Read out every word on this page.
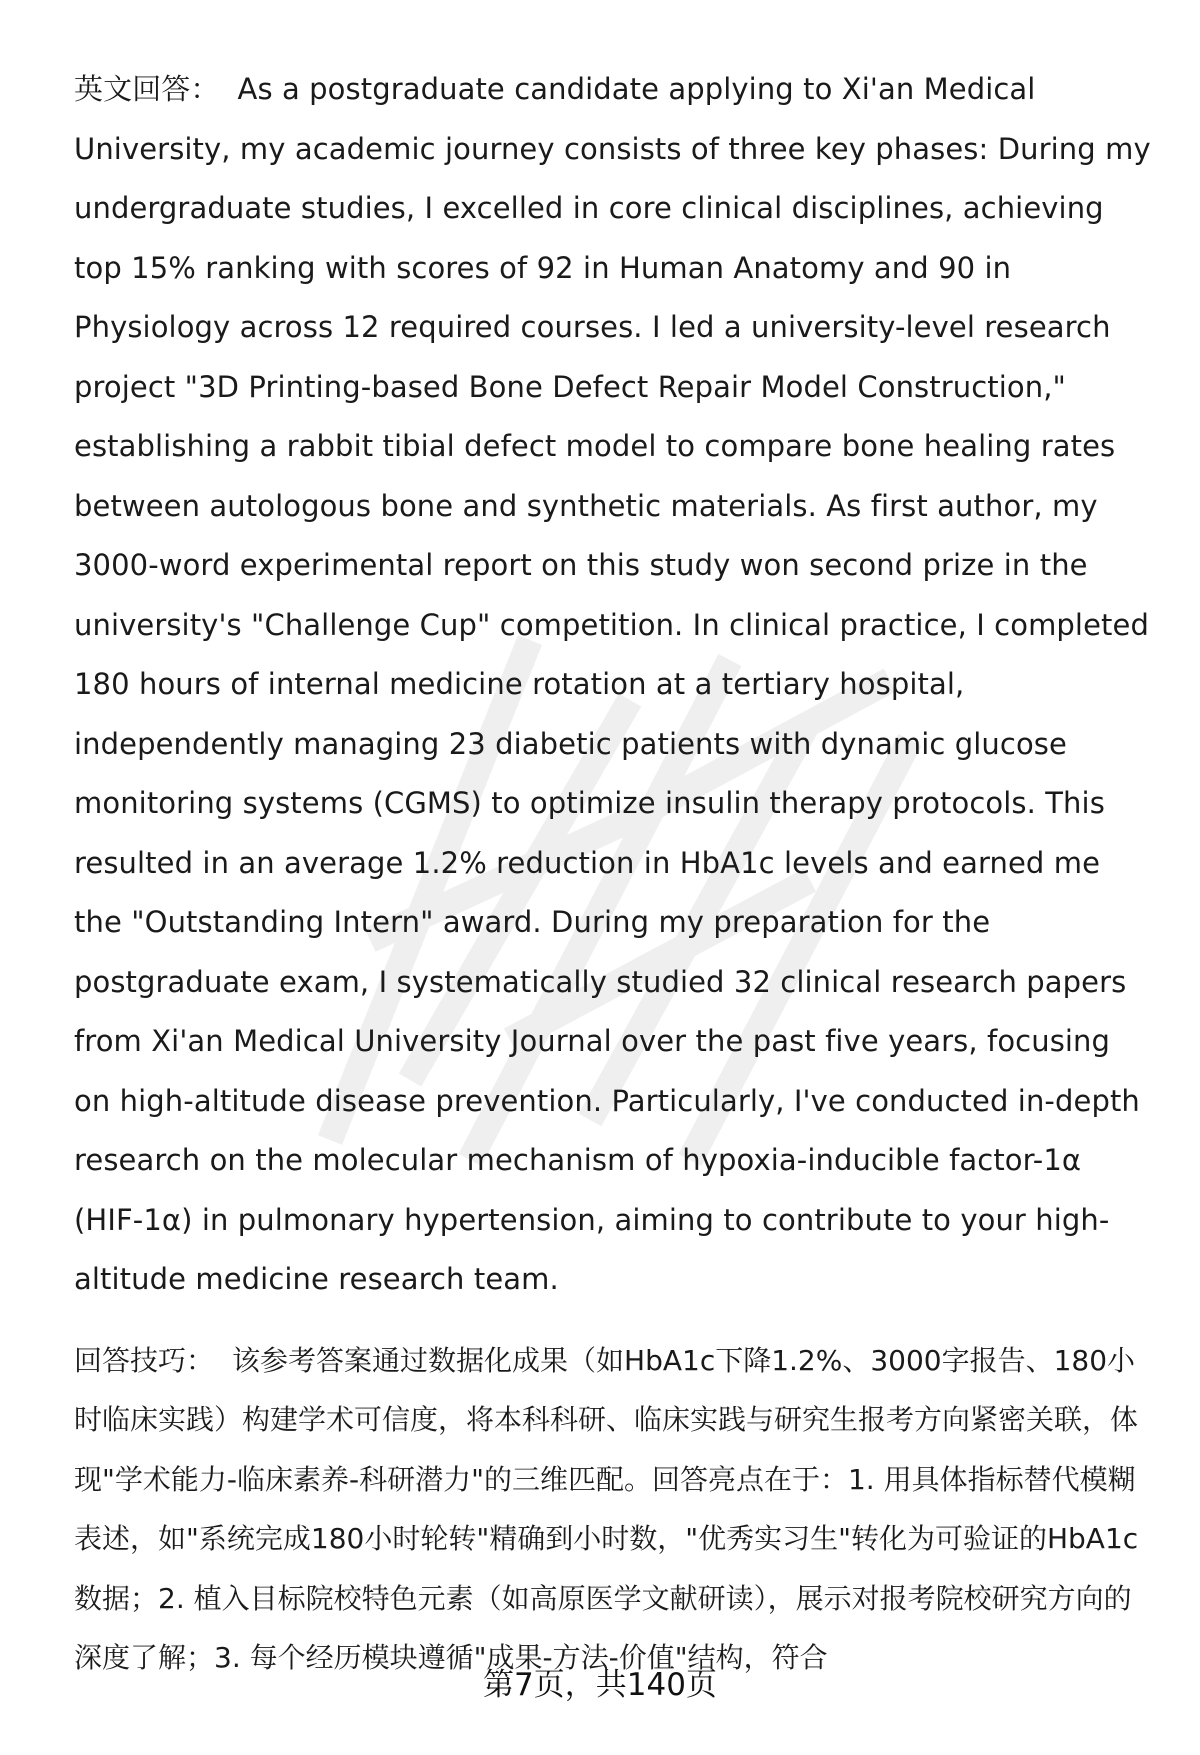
英文回答： As a postgraduate candidate applying to Xi'an Medical University, my academic journey consists of three key phases: During my undergraduate studies, I excelled in core clinical disciplines, achieving top 15% ranking with scores of 92 in Human Anatomy and 90 in Physiology across 12 required courses. I led a university-level research project "3D Printing-based Bone Defect Repair Model Construction," establishing a rabbit tibial defect model to compare bone healing rates between autologous bone and synthetic materials. As first author, my 3000-word experimental report on this study won second prize in the university's "Challenge Cup" competition. In clinical practice, I completed 180 hours of internal medicine rotation at a tertiary hospital, independently managing 23 diabetic patients with dynamic glucose monitoring systems (CGMS) to optimize insulin therapy protocols. This resulted in an average 1.2% reduction in HbA1c levels and earned me the "Outstanding Intern" award. During my preparation for the postgraduate exam, I systematically studied 32 clinical research papers from Xi'an Medical University Journal over the past five years, focusing on high-altitude disease prevention. Particularly, I've conducted in-depth research on the molecular mechanism of hypoxia-inducible factor-1α (HIF-1α) in pulmonary hypertension, aiming to contribute to your high-altitude medicine research team.

回答技巧： 该参考答案通过数据化成果（如HbA1c下降1.2%、3000字报告、180小时临床实践）构建学术可信度，将本科科研、临床实践与研究生报考方向紧密关联，体现"学术能力-临床素养-科研潜力"的三维匹配。回答亮点在于：1. 用具体指标替代模糊表述，如"系统完成180小时轮转"精确到小时数，"优秀实习生"转化为可验证的HbA1c数据；2. 植入目标院校特色元素（如高原医学文献研读），展示对报考院校研究方向的深度了解；3. 每个经历模块遵循"成果-方法-价值"结构，符合

第7页，共140页
